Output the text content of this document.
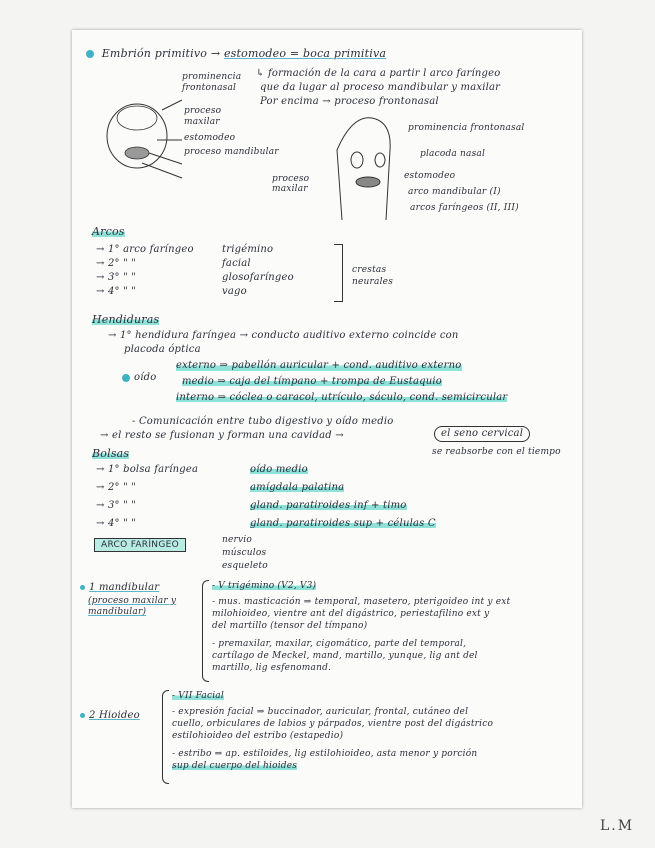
Embrión primitivo → estomodeo = boca primitiva
↳ formación de la cara a partir l arco faríngeo
que da lugar al proceso mandibular y maxilar
Por encima → proceso frontonasal
prominencia frontonasal
proceso maxilar
estomodeo
proceso mandibular
prominencia frontonasal
placoda nasal
estomodeo
arco mandibular (I)
arcos faríngeos (II, III)
proceso maxilar
Arcos
→ 1° arco faríngeo	trigémino
→ 2° " "	facial
→ 3° " "	glosofaríngeo
→ 4° " "	vago
crestas neurales
Hendiduras
→ 1° hendidura faríngea → conducto auditivo externo coincide con
placoda óptica
oído
externo ⇒ pabellón auricular + cond. auditivo externo
medio ⇒ caja del tímpano + trompa de Eustaquio
interno ⇒ cóclea o caracol, utrículo, sáculo, cond. semicircular
- Comunicación entre tubo digestivo y oído medio
→ el resto se fusionan y forman una cavidad →	el seno cervical
se reabsorbe con el tiempo
Bolsas
→ 1° bolsa faríngea	oído medio
→ 2° " "	amígdala palatina
→ 3° " "	gland. paratiroides inf + timo
→ 4° " "	gland. paratiroides sup + células C
ARCO FARÍNGEO	nervio
músculos
esqueleto
1 mandibular
(proceso maxilar y mandibular)
- V trigémino (V2, V3)
- mus. masticación ⇒ temporal, masetero, pterigoideo int y ext
milohioideo, vientre ant del digástrico, periestafilino ext y
del martillo (tensor del tímpano)
- premaxilar, maxilar, cigomático, parte del temporal,
cartílago de Meckel, mand, martillo, yunque, lig ant del
martillo, lig esfenomand.
2 Hioideo
- VII Facial
- expresión facial ⇒ buccinador, auricular, frontal, cutáneo del
cuello, orbiculares de labios y párpados, vientre post del digástrico
estilohioideo del estribo (estapedio)
- estribo ⇒ ap. estiloides, lig estilohioideo, asta menor y porción
sup del cuerpo del hioides
L.M
